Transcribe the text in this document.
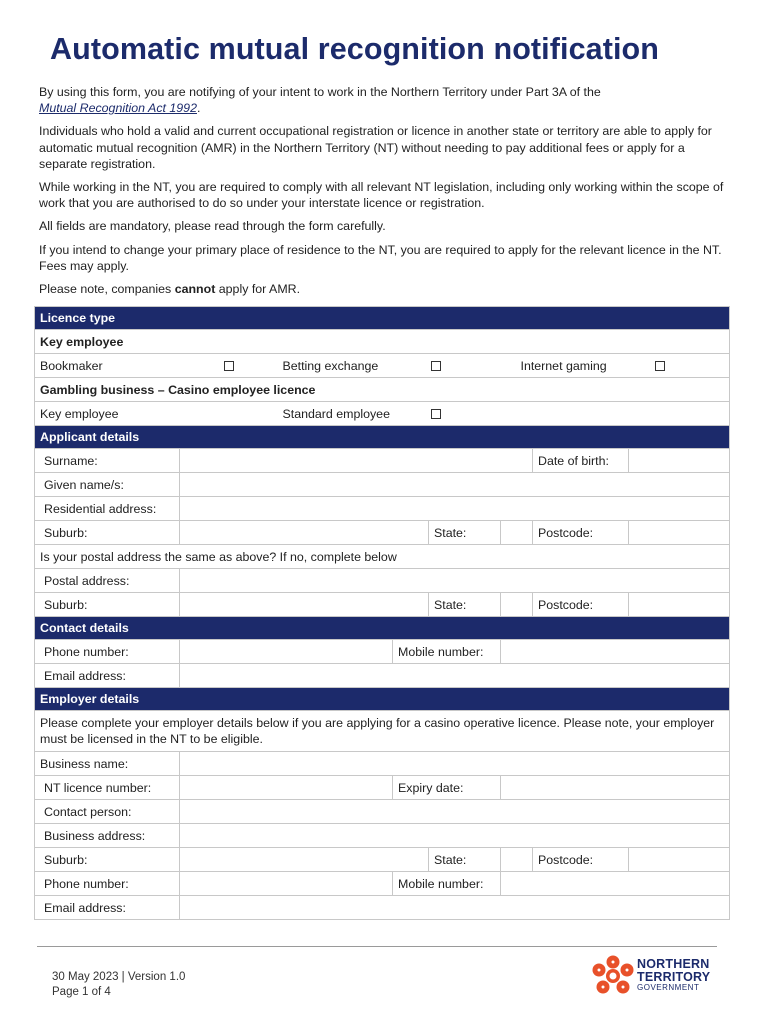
Automatic mutual recognition notification

By using this form, you are notifying of your intent to work in the Northern Territory under Part 3A of the
Mutual Recognition Act 1992.

Individuals who hold a valid and current occupational registration or licence in another state or territory are able to apply for automatic mutual recognition (AMR) in the Northern Territory (NT) without needing to pay additional fees or apply for a separate registration.

While working in the NT, you are required to comply with all relevant NT legislation, including only working within the scope of work that you are authorised to do so under your interstate licence or registration.

All fields are mandatory, please read through the form carefully.

If you intend to change your primary place of residence to the NT, you are required to apply for the relevant licence in the NT. Fees may apply.

Please note, companies cannot apply for AMR.

Licence type							
Key employee							
Bookmaker		Betting exchange			Internet gaming		
Gambling business – Casino employee licence							
Key employee		Standard employee					
Applicant details							
Surname:						Date of birth:	
Given name/s:							
Residential address:							
Suburb:				State:		Postcode:	
Is your postal address the same as above? If no, complete below							
Postal address:							
Suburb:				State:		Postcode:	
Contact details							
Phone number:			Mobile number:				
Email address:							
Employer details							
Please complete your employer details below if you are applying for a casino operative licence. Please note, your employer must be licensed in the NT to be eligible.							
Business name:							
NT licence number:			Expiry date:				
Contact person:							
Business address:							
Suburb:				State:		Postcode:	
Phone number:			Mobile number:				
Email address:							
30 May 2023 | Version 1.0
Page 1 of 4
NORTHERN
TERRITORY
GOVERNMENT
